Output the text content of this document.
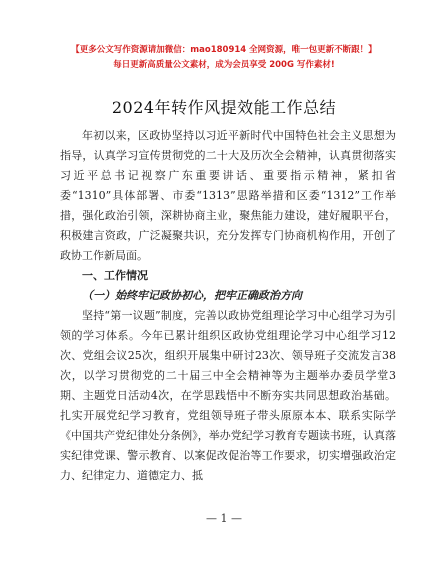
【更多公文写作资源请加微信：mao180914 全网资源，唯一包更新不断跟！】
每日更新高质量公文素材，成为会员享受 200G 写作素材!
2024年转作风提效能工作总结

年初以来，区政协坚持以习近平新时代中国特色社会主义思想为指导，认真学习宣传贯彻党的二十大及历次全会精神，认真贯彻落实习近平总书记视察广东重要讲话、重要指示精神，紧扣省委“1310”具体部署、市委“1313”思路举措和区委“1312”工作举措，强化政治引领，深耕协商主业，聚焦能力建设，建好履职平台，积极建言资政，广泛凝聚共识，充分发挥专门协商机构作用，开创了政协工作新局面。

一、工作情况

（一）始终牢记政协初心，把牢正确政治方向

坚持“第一议题”制度，完善以政协党组理论学习中心组学习为引领的学习体系。今年已累计组织区政协党组理论学习中心组学习12次、党组会议25次，组织开展集中研讨23次、领导班子交流发言38次，以学习贯彻党的二十届三中全会精神等为主题举办委员学堂3期、主题党日活动4次，在学思践悟中不断夯实共同思想政治基础。扎实开展党纪学习教育，党组领导班子带头原原本本、联系实际学《中国共产党纪律处分条例》，举办党纪学习教育专题读书班，认真落实纪律党课、警示教育、以案促改促治等工作要求，切实增强政治定力、纪律定力、道德定力、抵

— 1 —
